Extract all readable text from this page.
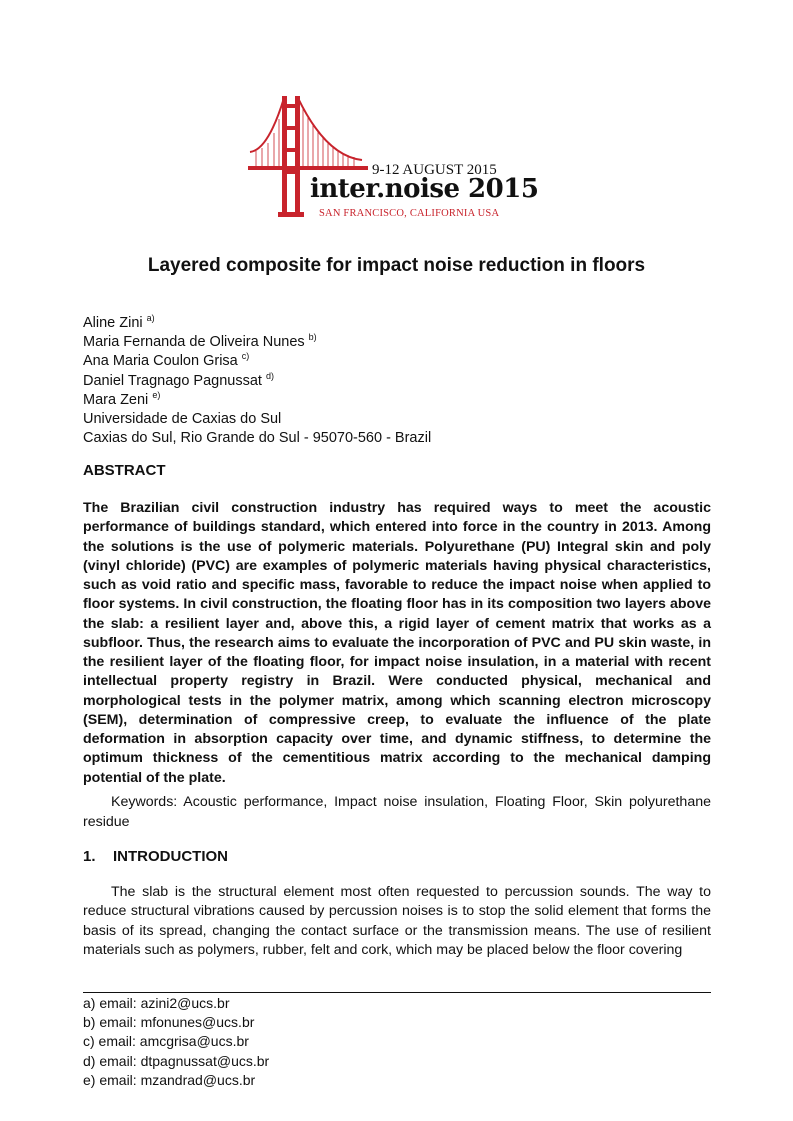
9-12 AUGUST 2015
inter.noise 2015
SAN FRANCISCO, CALIFORNIA USA
Layered composite for impact noise reduction in floors
Aline Zini $^{a)}$
Maria Fernanda de Oliveira Nunes $^{b)}$
Ana Maria Coulon Grisa $^{c)}$
Daniel Tragnago Pagnussat $^{d)}$
Mara Zeni $^{e)}$
Universidade de Caxias do Sul
Caxias do Sul, Rio Grande do Sul - 95070-560 - Brazil
ABSTRACT

The Brazilian civil construction industry has required ways to meet the acoustic performance of buildings standard, which entered into force in the country in 2013. Among the solutions is the use of polymeric materials. Polyurethane (PU) Integral skin and poly (vinyl chloride) (PVC) are examples of polymeric materials having physical characteristics, such as void ratio and specific mass, favorable to reduce the impact noise when applied to floor systems. In civil construction, the floating floor has in its composition two layers above the slab: a resilient layer and, above this, a rigid layer of cement matrix that works as a subfloor. Thus, the research aims to evaluate the incorporation of PVC and PU skin waste, in the resilient layer of the floating floor, for impact noise insulation, in a material with recent intellectual property registry in Brazil. Were conducted physical, mechanical and morphological tests in the polymer matrix, among which scanning electron microscopy (SEM), determination of compressive creep, to evaluate the influence of the plate deformation in absorption capacity over time, and dynamic stiffness, to determine the optimum thickness of the cementitious matrix according to the mechanical damping potential of the plate.

Keywords: Acoustic performance, Impact noise insulation, Floating Floor, Skin polyurethane residue

1. INTRODUCTION

The slab is the structural element most often requested to percussion sounds. The way to reduce structural vibrations caused by percussion noises is to stop the solid element that forms the basis of its spread, changing the contact surface or the transmission means. The use of resilient materials such as polymers, rubber, felt and cork, which may be placed below the floor covering

a) email: azini2@ucs.br
b) email: mfonunes@ucs.br
c) email: amcgrisa@ucs.br
d) email: dtpagnussat@ucs.br
e) email: mzandrad@ucs.br
